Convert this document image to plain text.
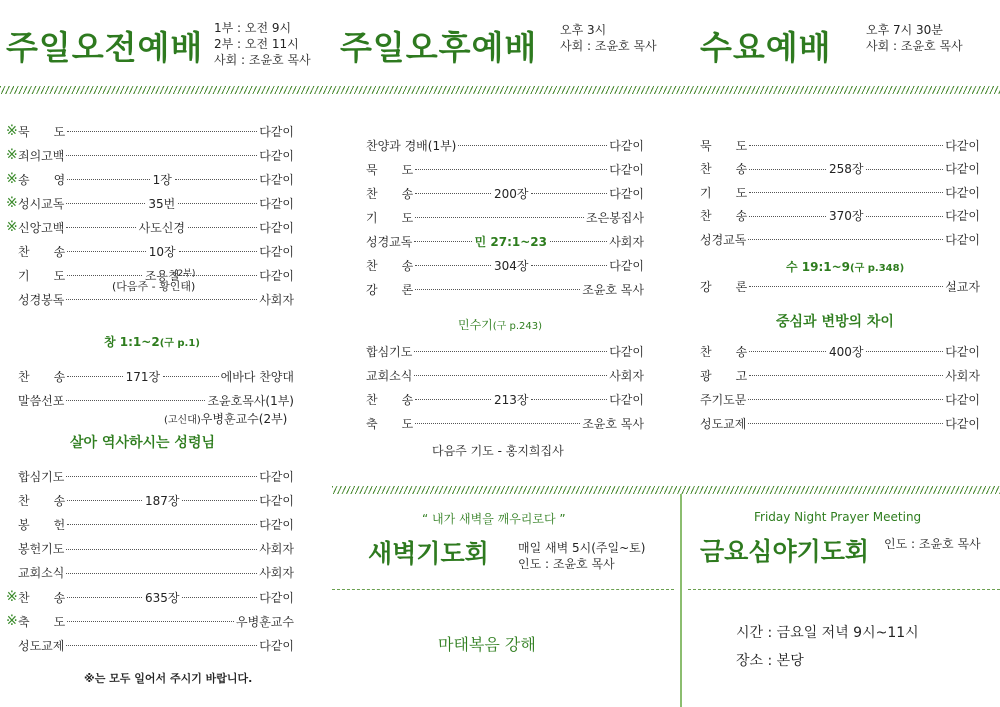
주일오전예배 1부 : 오전 9시
2부 : 오전 11시
사회 : 조윤호 목사 주일오후예배 오후 3시
사회 : 조윤호 목사 수요예배	오후 7시 30분
사회 : 조윤호 목사
※ 묵　　도	다같이
※ 죄의고백	다같이
※ 송　　영	1장	다같이
※ 성시교독	35번	다같이
※ 신앙고백	사도신경	다같이
찬　　송	10장	다같이
기　　도	조용철	다같이
성경봉독	사회자
(2부)
(다음주 - 황인태)
창 1:1~2(구 p.1)
찬　　송	171장	에바다 찬양대
말씀선포	조윤호목사(1부)
(고신대)우병훈교수(2부)
살아 역사하시는 성령님
합심기도	다같이
찬　　송	187장	다같이
봉　　헌	다같이
봉헌기도	사회자
교회소식	사회자
※ 찬　　송	635장	다같이
※ 축　　도	우병훈교수
성도교제	다같이
※는 모두 일어서 주시기 바랍니다.
찬양과 경배(1부)	다같이
묵　　도	다같이
찬　　송	200장	다같이
기　　도	조은봉집사
성경교독	민 27:1~23	사회자
찬　　송	304장	다같이
강　　론	조윤호 목사
민수기(구 p.243)
합심기도	다같이
교회소식	사회자
찬　　송	213장	다같이
축　　도	조윤호 목사
다음주 기도 - 홍지희집사
묵　　도	다같이
찬　　송	258장	다같이
기　　도	다같이
찬　　송	370장	다같이
성경교독	다같이
수 19:1~9(구 p.348)
강　　론	설교자
중심과 변방의 차이
찬　　송	400장	다같이
광　　고	사회자
주기도문	다같이
성도교제	다같이
“ 내가 새벽을 깨우리로다 ”
새벽기도회 매일 새벽 5시(주일~토)
인도 : 조윤호 목사
마태복음 강해
Friday Night Prayer Meeting
금요심야기도회 인도 : 조윤호 목사
시간 : 금요일 저녁 9시~11시
장소 : 본당
